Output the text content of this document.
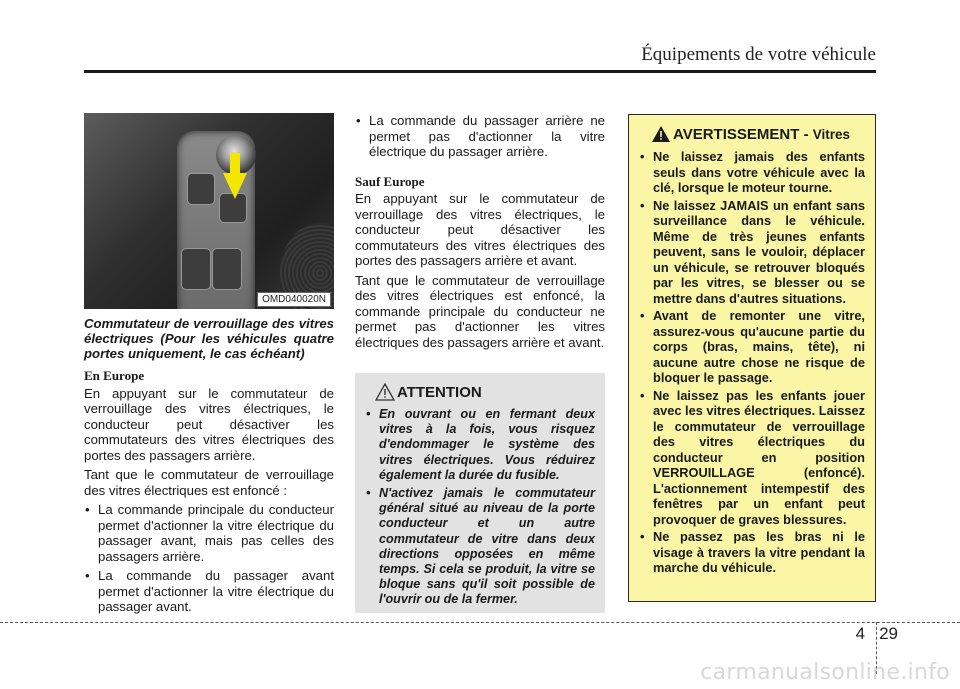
Équipements de votre véhicule
OMD040020N

Commutateur de verrouillage des vitres électriques (Pour les véhicules quatre portes uniquement, le cas échéant)

En Europe

En appuyant sur le commutateur de verrouillage des vitres électriques, le conducteur peut désactiver les commutateurs des vitres électriques des portes des passagers arrière.

Tant que le commutateur de verrouillage des vitres électriques est enfoncé :

• La commande principale du conducteur permet d'actionner la vitre électrique du passager avant, mais pas celles des passagers arrière.
• La commande du passager avant permet d'actionner la vitre électrique du passager avant.
• La commande du passager arrière ne permet pas d'actionner la vitre électrique du passager arrière.
Sauf Europe

En appuyant sur le commutateur de verrouillage des vitres électriques, le conducteur peut désactiver les commutateurs des vitres électriques des portes des passagers arrière et avant.

Tant que le commutateur de verrouillage des vitres électriques est enfoncé, la commande principale du conducteur ne permet pas d'actionner les vitres électriques des passagers arrière et avant.

ATTENTION
• En ouvrant ou en fermant deux vitres à la fois, vous risquez d'endommager le système des vitres électriques. Vous réduirez également la durée du fusible.
• N'activez jamais le commutateur général situé au niveau de la porte conducteur et un autre commutateur de vitre dans deux directions opposées en même temps. Si cela se produit, la vitre se bloque sans qu'il soit possible de l'ouvrir ou de la fermer.
AVERTISSEMENT - Vitres
• Ne laissez jamais des enfants seuls dans votre véhicule avec la clé, lorsque le moteur tourne.
• Ne laissez JAMAIS un enfant sans surveillance dans le véhicule. Même de très jeunes enfants peuvent, sans le vouloir, déplacer un véhicule, se retrouver bloqués par les vitres, se blesser ou se mettre dans d'autres situations.
• Avant de remonter une vitre, assurez-vous qu'aucune partie du corps (bras, mains, tête), ni aucune autre chose ne risque de bloquer le passage.
• Ne laissez pas les enfants jouer avec les vitres électriques. Laissez le commutateur de verrouillage des vitres électriques du conducteur en position VERROUILLAGE (enfoncé). L'actionnement intempestif des fenêtres par un enfant peut provoquer de graves blessures.
• Ne passez pas les bras ni le visage à travers la vitre pendant la marche du véhicule.
4 29
carmanualsonline.info
